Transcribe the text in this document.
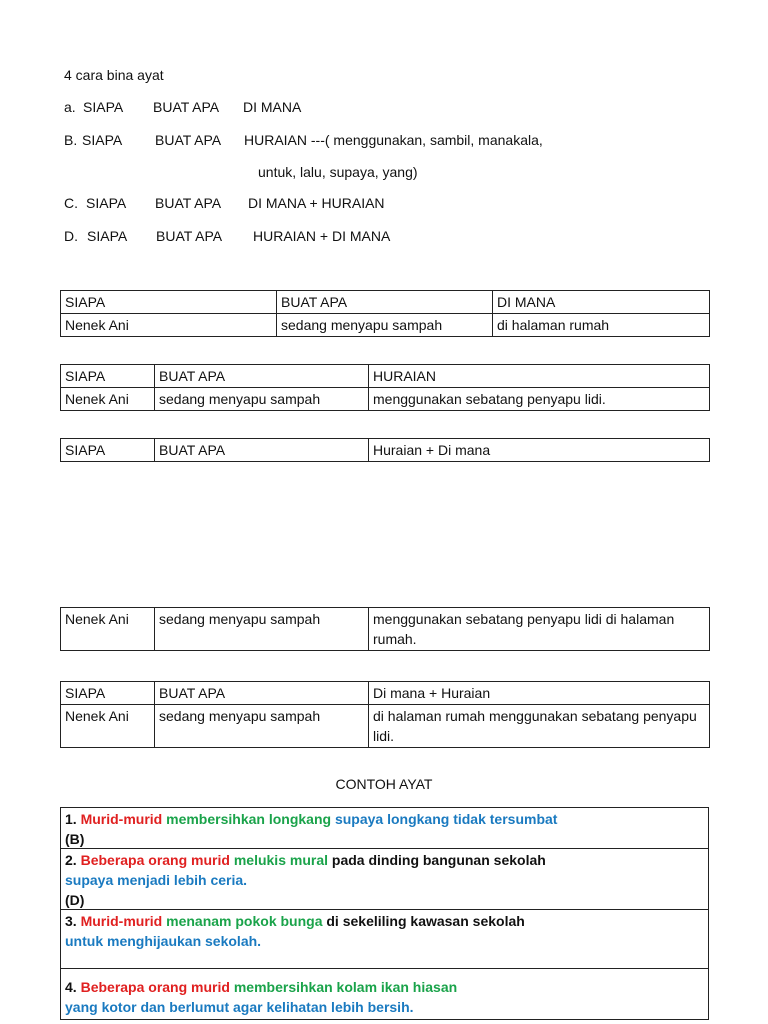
4 cara bina ayat
a. SIAPA BUAT APA DI MANA
B. SIAPA BUAT APA HURAIAN ---( menggunakan, sambil, manakala,
untuk, lalu, supaya, yang)
C. SIAPA BUAT APA DI MANA + HURAIAN
D. SIAPA BUAT APA HURAIAN + DI MANA
SIAPA	BUAT APA	DI MANA
Nenek Ani	sedang menyapu sampah	di halaman rumah
SIAPA	BUAT APA	HURAIAN
Nenek Ani	sedang menyapu sampah	menggunakan sebatang penyapu lidi.
SIAPA	BUAT APA	Huraian + Di mana
Nenek Ani	sedang menyapu sampah	menggunakan sebatang penyapu lidi di halaman rumah.
SIAPA	BUAT APA	Di mana + Huraian
Nenek Ani	sedang menyapu sampah	di halaman rumah menggunakan sebatang penyapu lidi.
CONTOH AYAT
1. Murid-murid membersihkan longkang supaya longkang tidak tersumbat
(B)
2. Beberapa orang murid melukis mural pada dinding bangunan sekolah
supaya menjadi lebih ceria.
(D)
3. Murid-murid menanam pokok bunga di sekeliling kawasan sekolah
untuk menghijaukan sekolah.
4. Beberapa orang murid membersihkan kolam ikan hiasan
yang kotor dan berlumut agar kelihatan lebih bersih.
